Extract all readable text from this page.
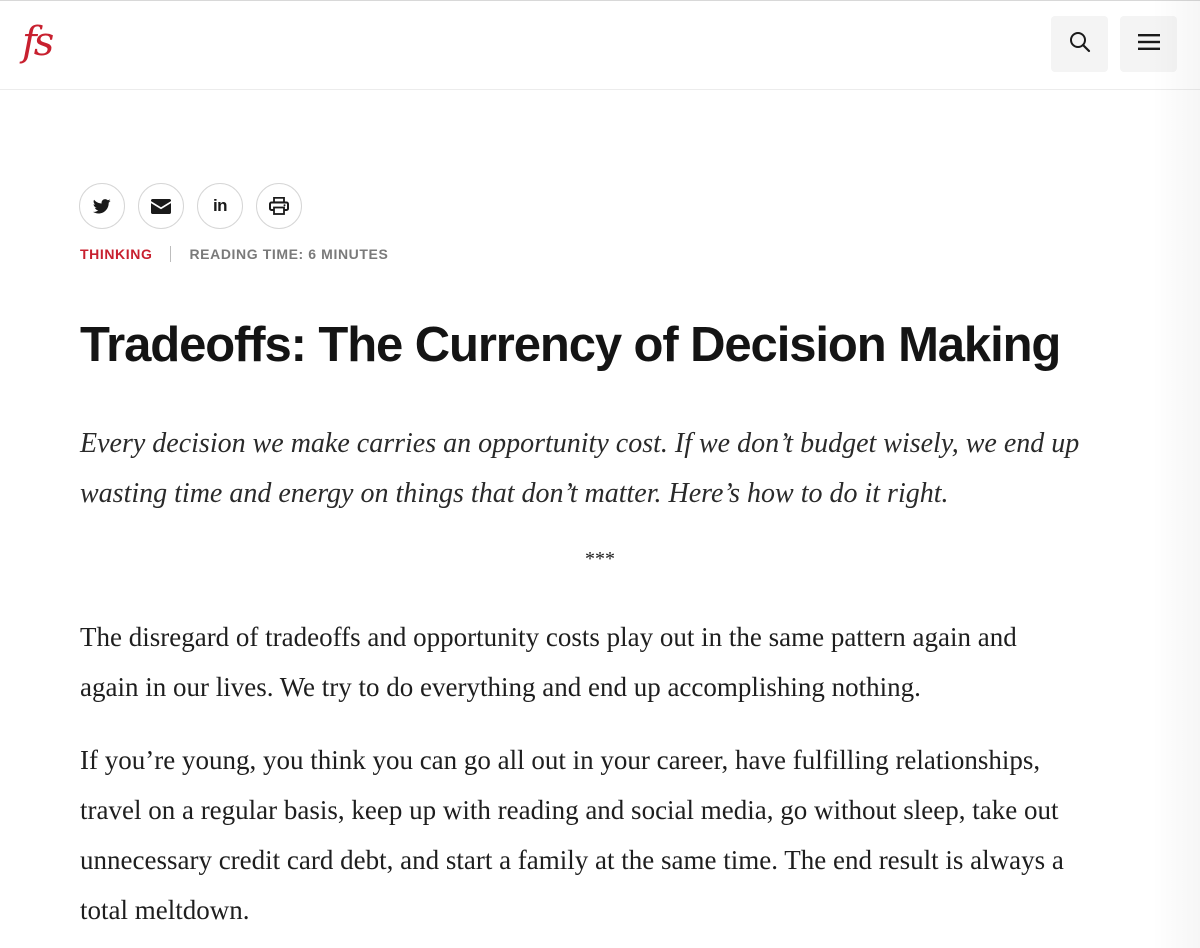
fs
in
THINKING	READING TIME: 6 MINUTES
Tradeoffs: The Currency of Decision Making

Every decision we make carries an opportunity cost. If we don’t budget wisely, we end up
wasting time and energy on things that don’t matter. Here’s how to do it right.

***

The disregard of tradeoffs and opportunity costs play out in the same pattern again and
again in our lives. We try to do everything and end up accomplishing nothing.

If you’re young, you think you can go all out in your career, have fulfilling relationships,
travel on a regular basis, keep up with reading and social media, go without sleep, take out
unnecessary credit card debt, and start a family at the same time. The end result is always a
total meltdown.
